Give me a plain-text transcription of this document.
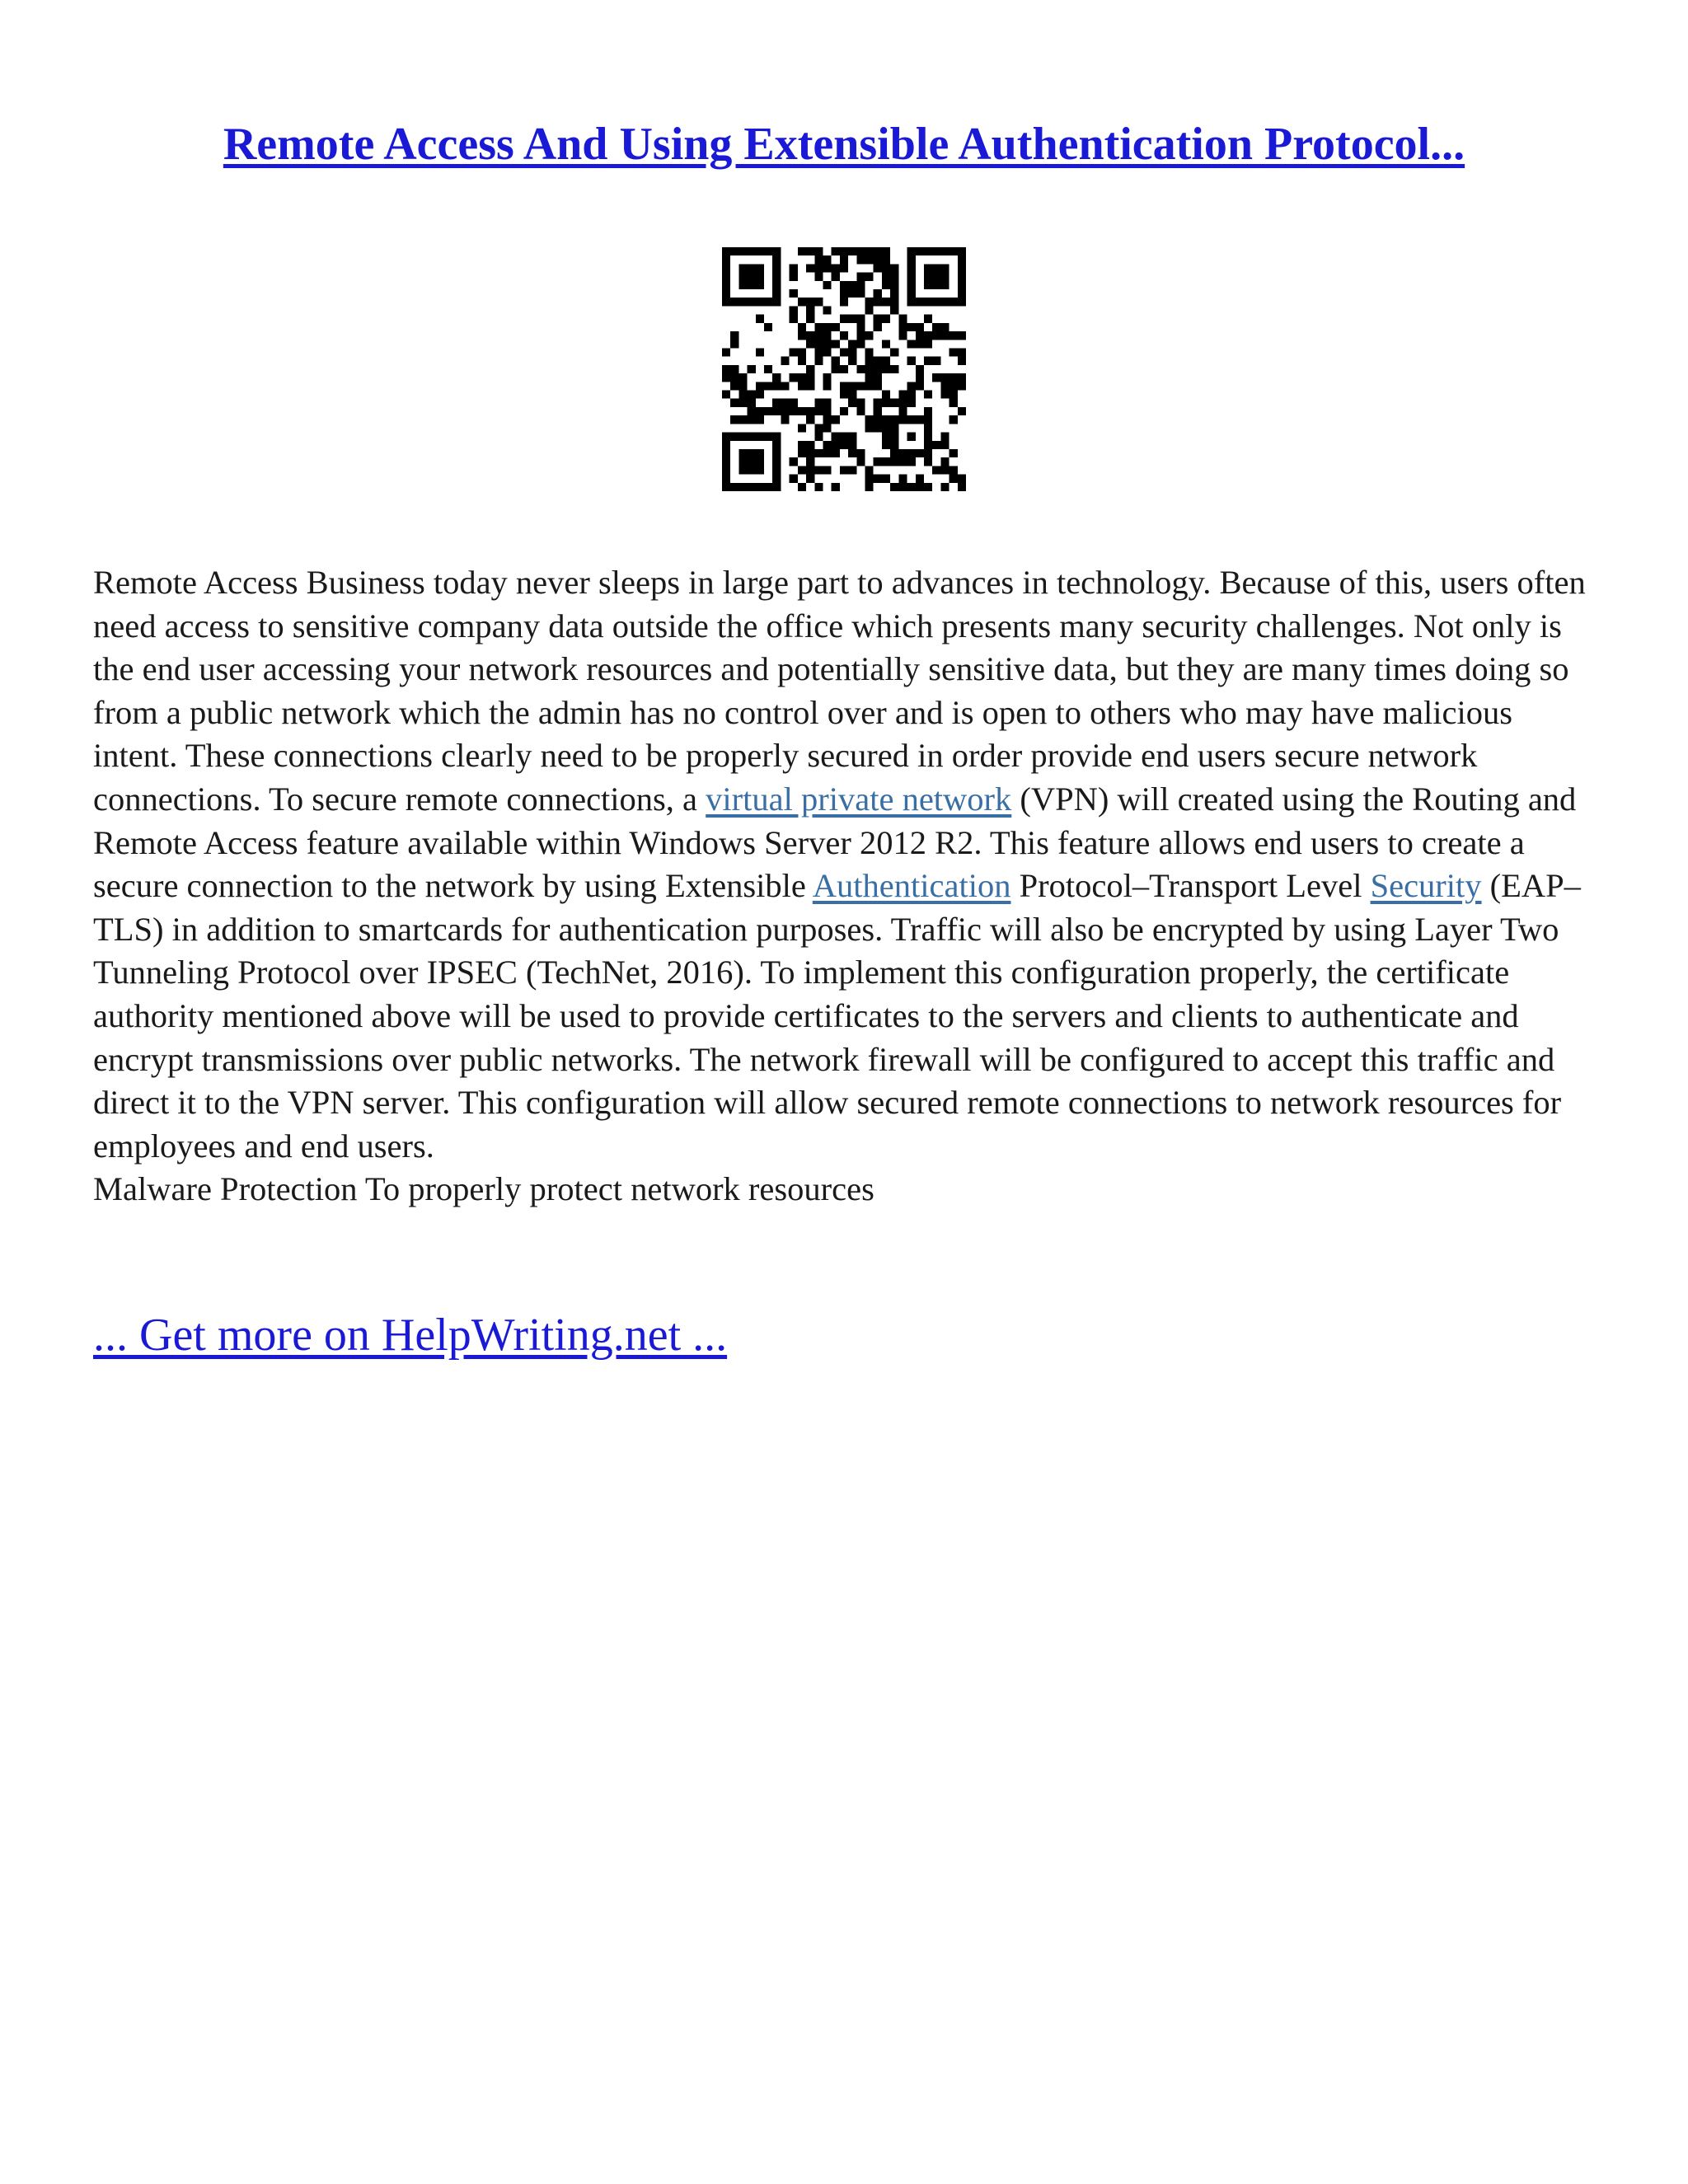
Remote Access And Using Extensible Authentication Protocol...

Remote Access Business today never sleeps in large part to advances in technology. Because of this, users often need access to sensitive company data outside the office which presents many security challenges. Not only is the end user accessing your network resources and potentially sensitive data, but they are many times doing so from a public network which the admin has no control over and is open to others who may have malicious intent. These connections clearly need to be properly secured in order provide end users secure network connections. To secure remote connections, a virtual private network (VPN) will created using the Routing and Remote Access feature available within Windows Server 2012 R2. This feature allows end users to create a secure connection to the network by using Extensible Authentication Protocol–Transport Level Security (EAP–TLS) in addition to smartcards for authentication purposes. Traffic will also be encrypted by using Layer Two Tunneling Protocol over IPSEC (TechNet, 2016). To implement this configuration properly, the certificate authority mentioned above will be used to provide certificates to the servers and clients to authenticate and encrypt transmissions over public networks. The network firewall will be configured to accept this traffic and direct it to the VPN server. This configuration will allow secured remote connections to network resources for employees and end users.

Malware Protection To properly protect network resources

... Get more on HelpWriting.net ...
